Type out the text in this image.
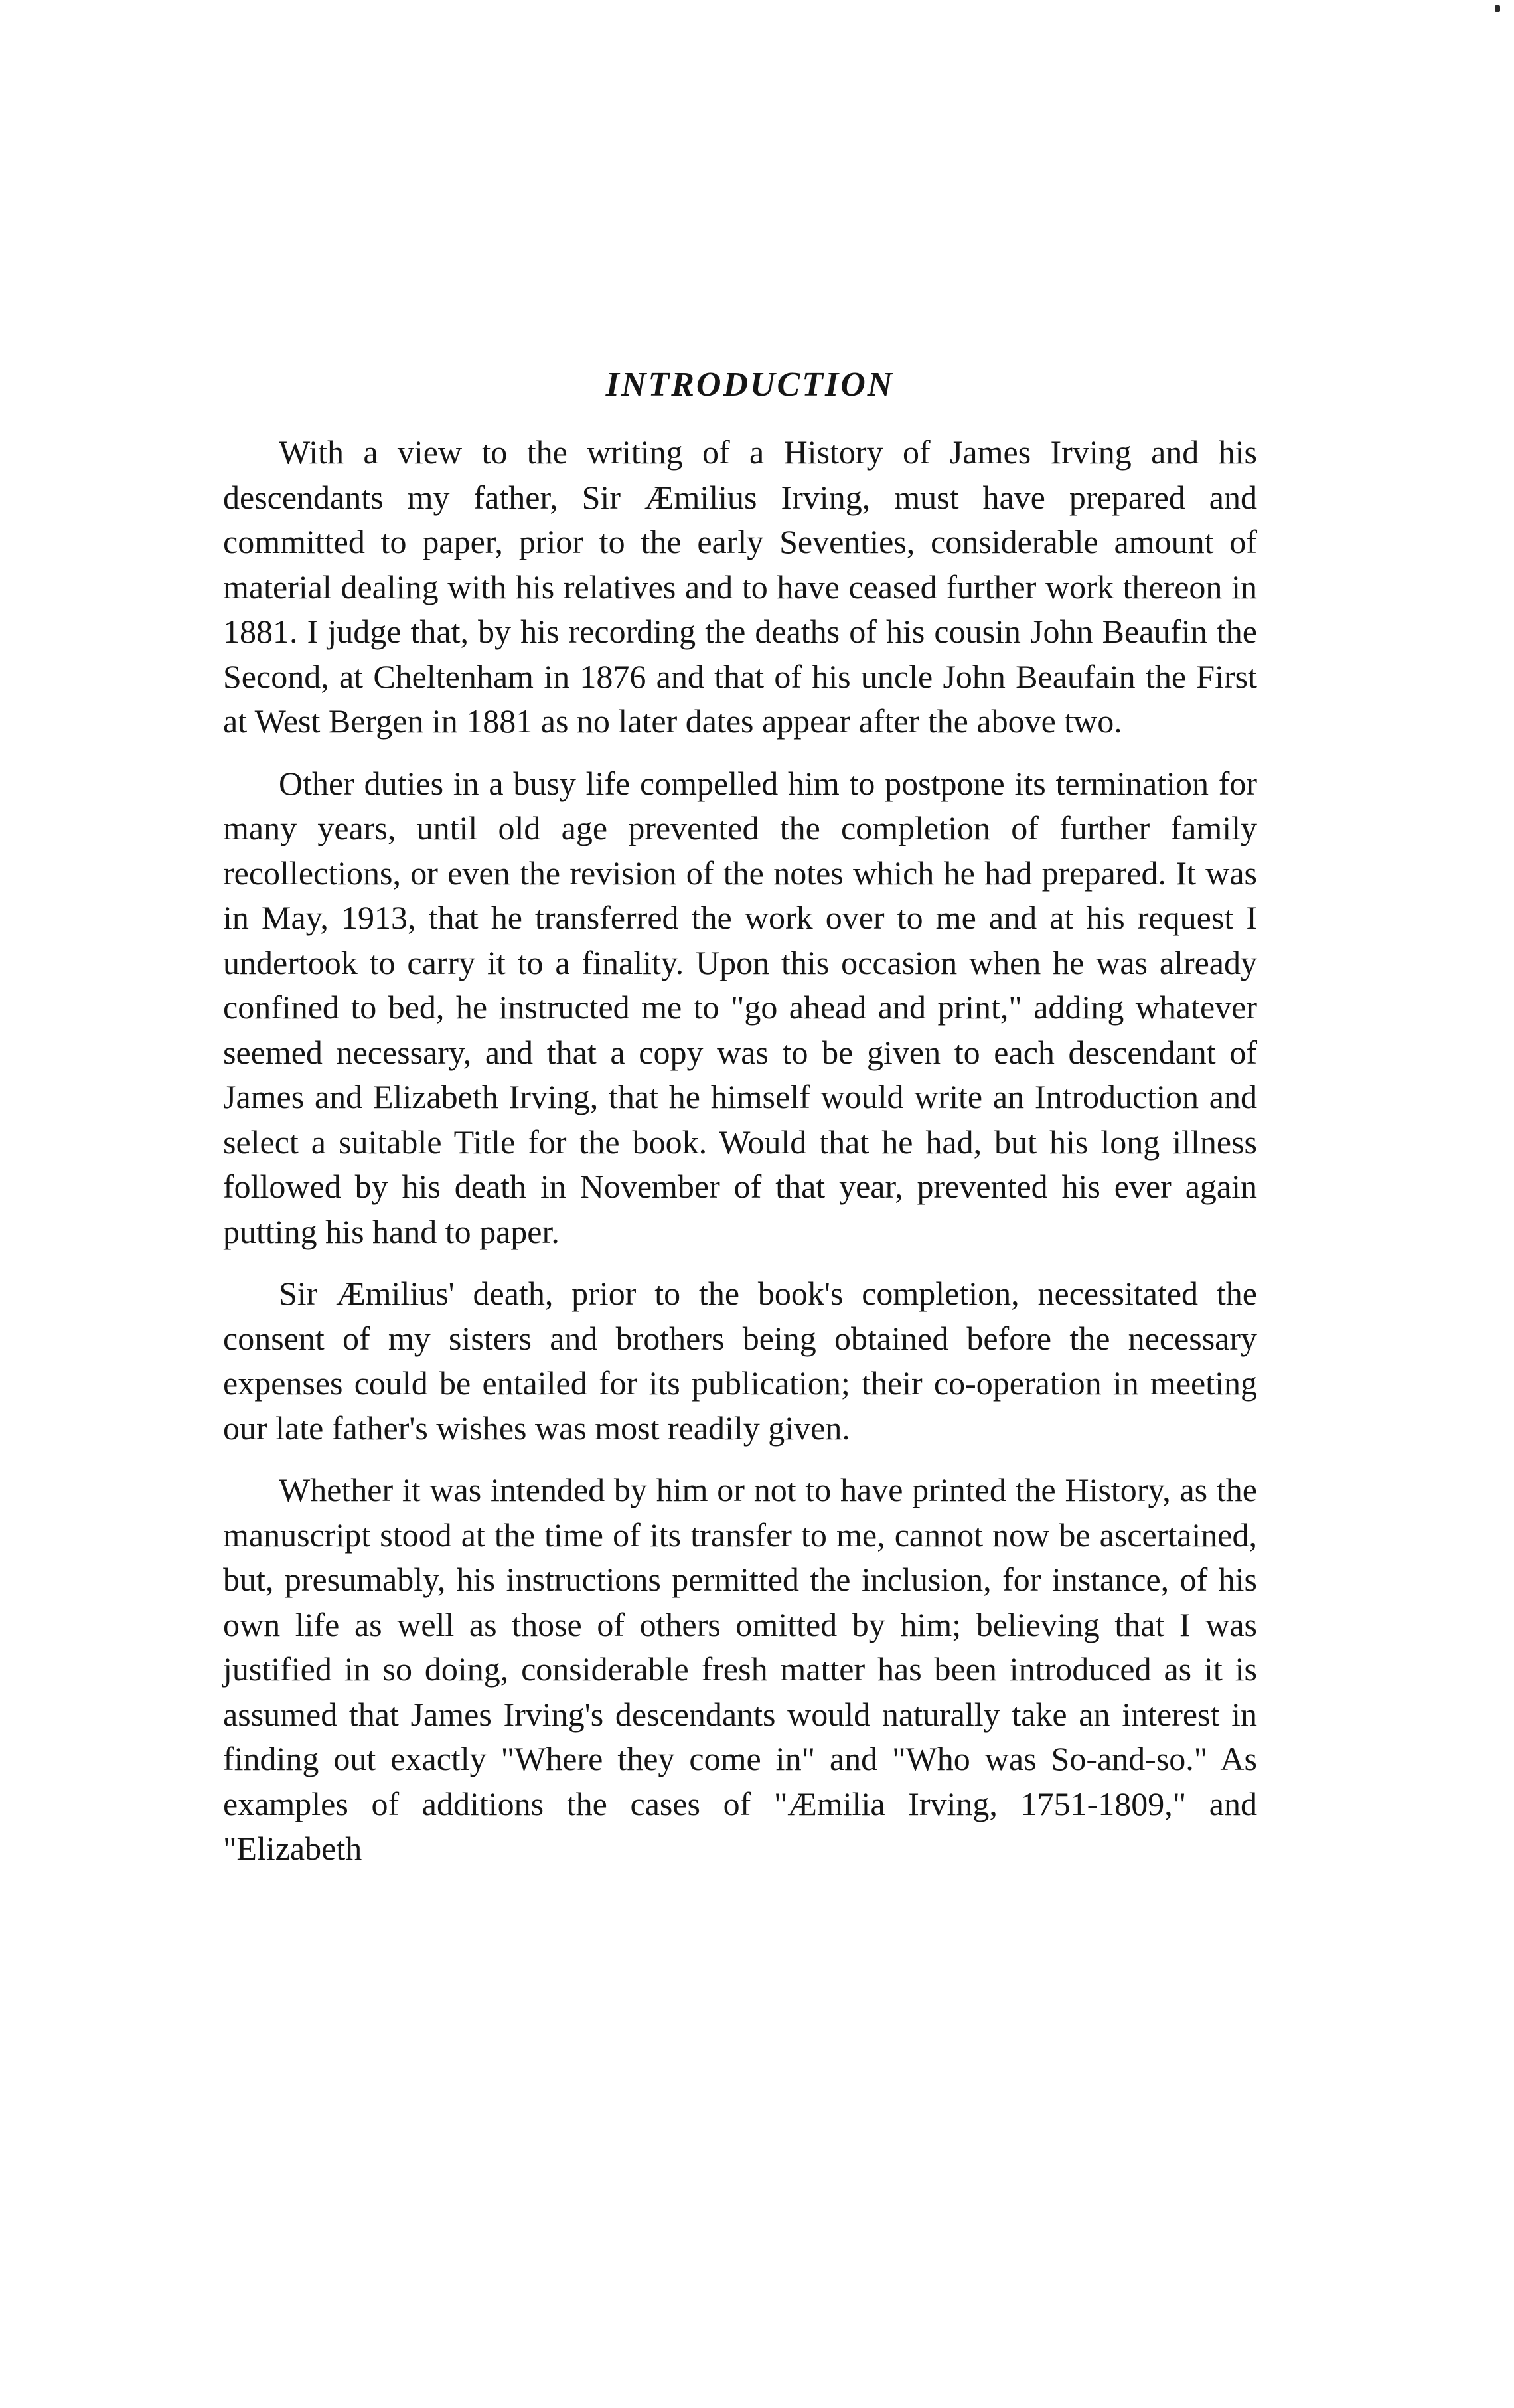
INTRODUCTION

With a view to the writing of a History of James Irving and his descendants my father, Sir Æmilius Irving, must have prepared and committed to paper, prior to the early Seventies, considerable amount of material dealing with his relatives and to have ceased further work thereon in 1881. I judge that, by his recording the deaths of his cousin John Beaufin the Second, at Cheltenham in 1876 and that of his uncle John Beaufain the First at West Bergen in 1881 as no later dates appear after the above two.

Other duties in a busy life compelled him to postpone its termination for many years, until old age prevented the completion of further family recollections, or even the revision of the notes which he had prepared. It was in May, 1913, that he transferred the work over to me and at his request I undertook to carry it to a finality. Upon this occasion when he was already confined to bed, he instructed me to "go ahead and print," adding whatever seemed necessary, and that a copy was to be given to each descendant of James and Elizabeth Irving, that he himself would write an Introduction and select a suitable Title for the book. Would that he had, but his long illness followed by his death in November of that year, prevented his ever again putting his hand to paper.

Sir Æmilius' death, prior to the book's completion, necessitated the consent of my sisters and brothers being obtained before the necessary expenses could be entailed for its publication; their co-operation in meeting our late father's wishes was most readily given.

Whether it was intended by him or not to have printed the History, as the manuscript stood at the time of its transfer to me, cannot now be ascertained, but, presumably, his instructions permitted the inclusion, for instance, of his own life as well as those of others omitted by him; believing that I was justified in so doing, considerable fresh matter has been introduced as it is assumed that James Irving's descendants would naturally take an interest in finding out exactly "Where they come in" and "Who was So-and-so." As examples of additions the cases of "Æmilia Irving, 1751-1809," and "Elizabeth
